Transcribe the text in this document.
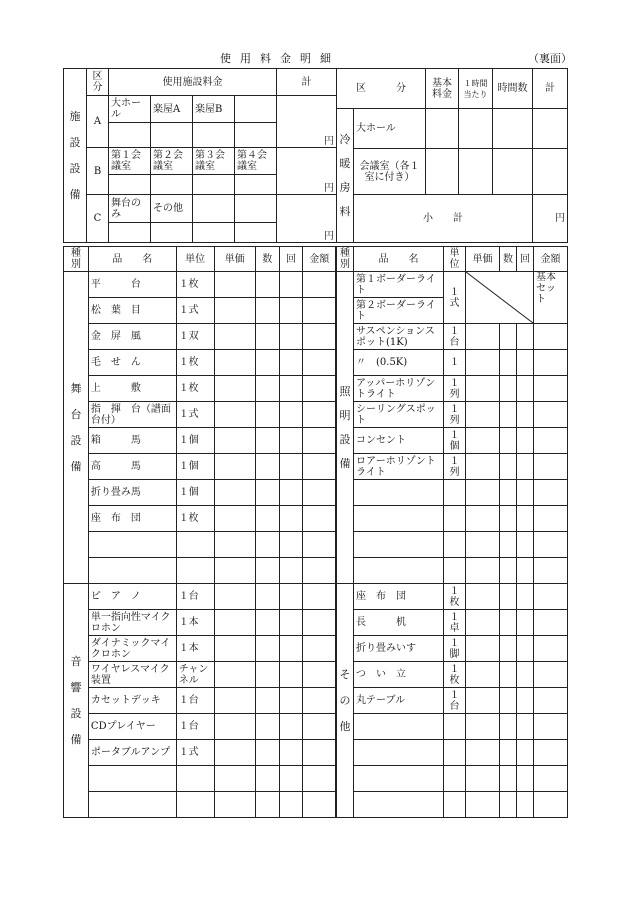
使用料金明細	（裏面）
施設設備	区分	使用施設料金				計
	A	大ホール	楽屋A	楽屋B		円

	B	第１会議室	第２会議室	第３会議室	第４会議室	円

	C	舞台のみ	その他			円

区　　　分		基本料金	１時間当たり	時間数	計
冷暖房料	大ホール				
	会議室（各１室に付き）				
	小　　計				円
種別	品　　名	単位	単価	数	回	金額
舞台設備	平　　　台	１枚				
	松　葉　目	１式				
	金　屏　風	１双				
	毛　せ　ん	１枚				
	上　　　敷	１枚				
	指　揮　台（譜面台付）	１式				
	箱　　　馬	１個				
	高　　　馬	１個				
	折り畳み馬	１個				
	座　布　団	１枚				

音響設備	ピ　ア　ノ	１台				
	単一指向性マイクロホン	１本				
	ダイナミックマイクロホン	１本				
	ワイヤレスマイク装置	チャンネル				
	カセットデッキ	１台				
	CDプレイヤー	１台				
	ポータブルアンプ	１式				

種別	品　　名	単位	単価	数	回	金額
照明設備	第１ボーダーライト	１式				基本セット
	第２ボーダーライト					
	サスペンションスポット(1K)	１台				
	〃　(0.5K)	１				
	アッパーホリゾントライト	１列				
	シーリングスポット	１列				
	コンセント	１個				
	ロアーホリゾントライト	１列				

その他	座　布　団	１枚				
	長　　　机	１卓				
	折り畳みいす	１脚				
	つ　い　立	１枚				
	丸テーブル	１台				
